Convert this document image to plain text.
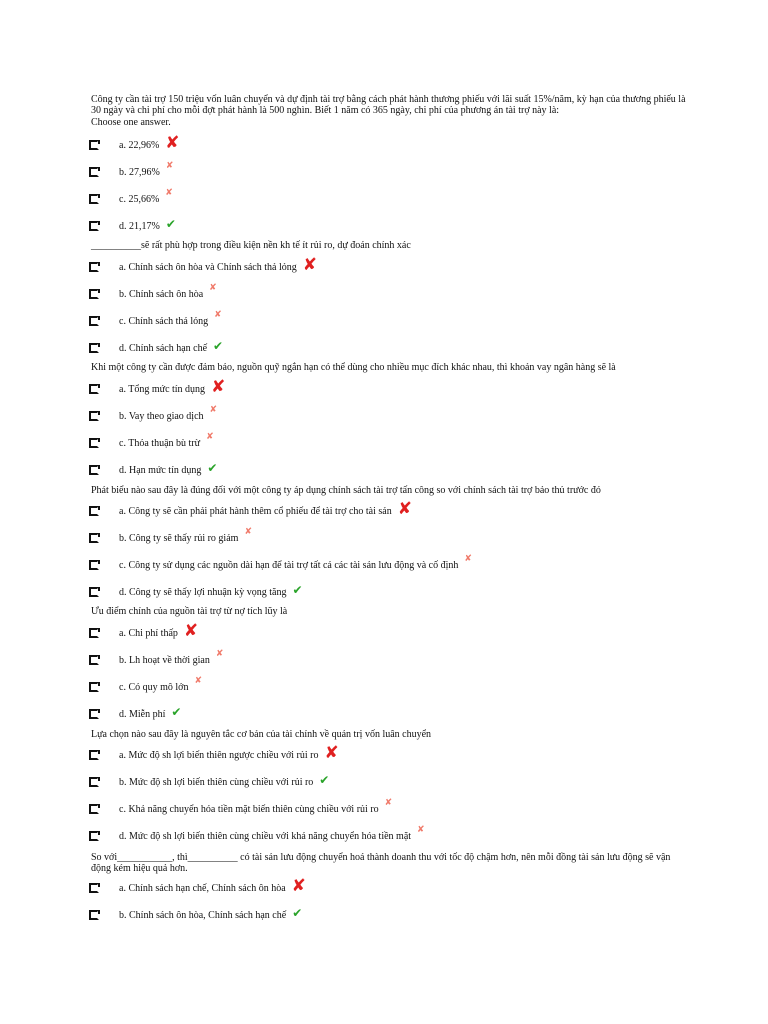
Công ty cần tài trợ 150 triệu vốn luân chuyển và dự định tài trợ bằng cách phát hành thương phiếu với lãi suất 15%/năm, kỳ hạn của thương phiếu là 30 ngày và chi phí cho mỗi đợt phát hành là 500 nghìn. Biết 1 năm có 365 ngày, chi phí của phương án tài trợ này là:

Choose one answer.

a. 22,96% ✘
b. 27,96%
✘
c. 25,66%
✘
d. 21,17% ✔

__________sẽ rất phù hợp trong điều kiện nền kh tế ít rủi ro, dự đoán chính xác

a. Chính sách ôn hòa và Chính sách thả lỏng ✘
b. Chính sách ôn hòa
✘
c. Chính sách thả lỏng
✘
d. Chính sách hạn chế ✔

Khi một công ty cần được đảm bảo, nguồn quỹ ngắn hạn có thể dùng cho nhiều mục đích khác nhau, thì khoản vay ngân hàng sẽ là

a. Tổng mức tín dụng ✘
b. Vay theo giao dịch
✘
c. Thỏa thuận bù trừ
✘
d. Hạn mức tín dụng ✔

Phát biểu nào sau đây là đúng đối với một công ty áp dụng chính sách tài trợ tấn công so với chính sách tài trợ bảo thủ trước đó

a. Công ty sẽ cần phải phát hành thêm cổ phiếu để tài trợ cho tài sản ✘
b. Công ty sẽ thấy rủi ro giảm
✘
c. Công ty sử dụng các nguồn dài hạn để tài trợ tất cả các tài sản lưu động và cố định
✘
d. Công ty sẽ thấy lợi nhuận kỳ vọng tăng ✔

Ưu điểm chính của nguồn tài trợ từ nợ tích lũy là

a. Chi phí thấp ✘
b. Lh hoạt về thời gian
✘
c. Có quy mô lớn
✘
d. Miễn phí ✔

Lựa chọn nào sau đây là nguyên tắc cơ bản của tài chính về quản trị vốn luân chuyển

a. Mức độ sh lợi biến thiên ngược chiều với rủi ro ✘
b. Mức độ sh lợi biến thiên cùng chiều với rủi ro ✔
c. Khả năng chuyển hóa tiền mặt biến thiên cùng chiều với rủi ro
✘
d. Mức độ sh lợi biến thiên cùng chiều với khả năng chuyển hóa tiền mặt
✘

So với___________, thì__________ có tài sản lưu động chuyển hoá thành doanh thu với tốc độ chậm hơn, nên mỗi đồng tài sản lưu động sẽ vận động kém hiệu quả hơn.

a. Chính sách hạn chế, Chính sách ôn hòa ✘
b. Chính sách ôn hòa, Chính sách hạn chế ✔
